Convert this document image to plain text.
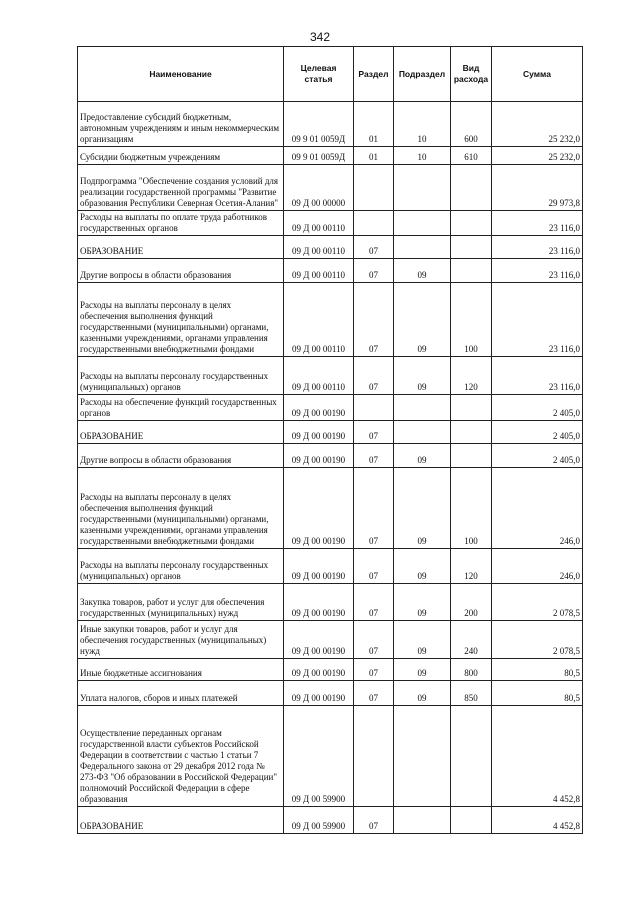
342
Наименование	Целевая статья	Раздел	Подраздел	Вид расхода	Сумма
Предоставление субсидий бюджетным, автономным учреждениям и иным некоммерческим организациям	09 9 01 0059Д	01	10	600	25 232,0
Субсидии бюджетным учреждениям	09 9 01 0059Д	01	10	610	25 232,0
Подпрограмма "Обеспечение создания условий для реализации государственной программы "Развитие образования Республики Северная Осетия-Алания"	09 Д 00 00000				29 973,8
Расходы на выплаты по оплате труда работников государственных органов	09 Д 00 00110				23 116,0
ОБРАЗОВАНИЕ	09 Д 00 00110	07			23 116,0
Другие вопросы в области образования	09 Д 00 00110	07	09		23 116,0
Расходы на выплаты персоналу в целях обеспечения выполнения функций государственными (муниципальными) органами, казенными учреждениями, органами управления государственными внебюджетными фондами	09 Д 00 00110	07	09	100	23 116,0
Расходы на выплаты персоналу государственных (муниципальных) органов	09 Д 00 00110	07	09	120	23 116,0
Расходы на обеспечение функций государственных органов	09 Д 00 00190				2 405,0
ОБРАЗОВАНИЕ	09 Д 00 00190	07			2 405,0
Другие вопросы в области образования	09 Д 00 00190	07	09		2 405,0
Расходы на выплаты персоналу в целях обеспечения выполнения функций государственными (муниципальными) органами, казенными учреждениями, органами управления государственными внебюджетными фондами	09 Д 00 00190	07	09	100	246,0
Расходы на выплаты персоналу государственных (муниципальных) органов	09 Д 00 00190	07	09	120	246,0
Закупка товаров, работ и услуг для обеспечения государственных (муниципальных) нужд	09 Д 00 00190	07	09	200	2 078,5
Иные закупки товаров, работ и услуг для обеспечения государственных (муниципальных) нужд	09 Д 00 00190	07	09	240	2 078,5
Иные бюджетные ассигнования	09 Д 00 00190	07	09	800	80,5
Уплата налогов, сборов и иных платежей	09 Д 00 00190	07	09	850	80,5
Осуществление переданных органам государственной власти субъектов Российской Федерации в соответствии с частью 1 статьи 7 Федерального закона от 29 декабря 2012 года № 273-ФЗ "Об образовании в Российской Федерации" полномочий Российской Федерации в сфере образования	09 Д 00 59900				4 452,8
ОБРАЗОВАНИЕ	09 Д 00 59900	07			4 452,8
